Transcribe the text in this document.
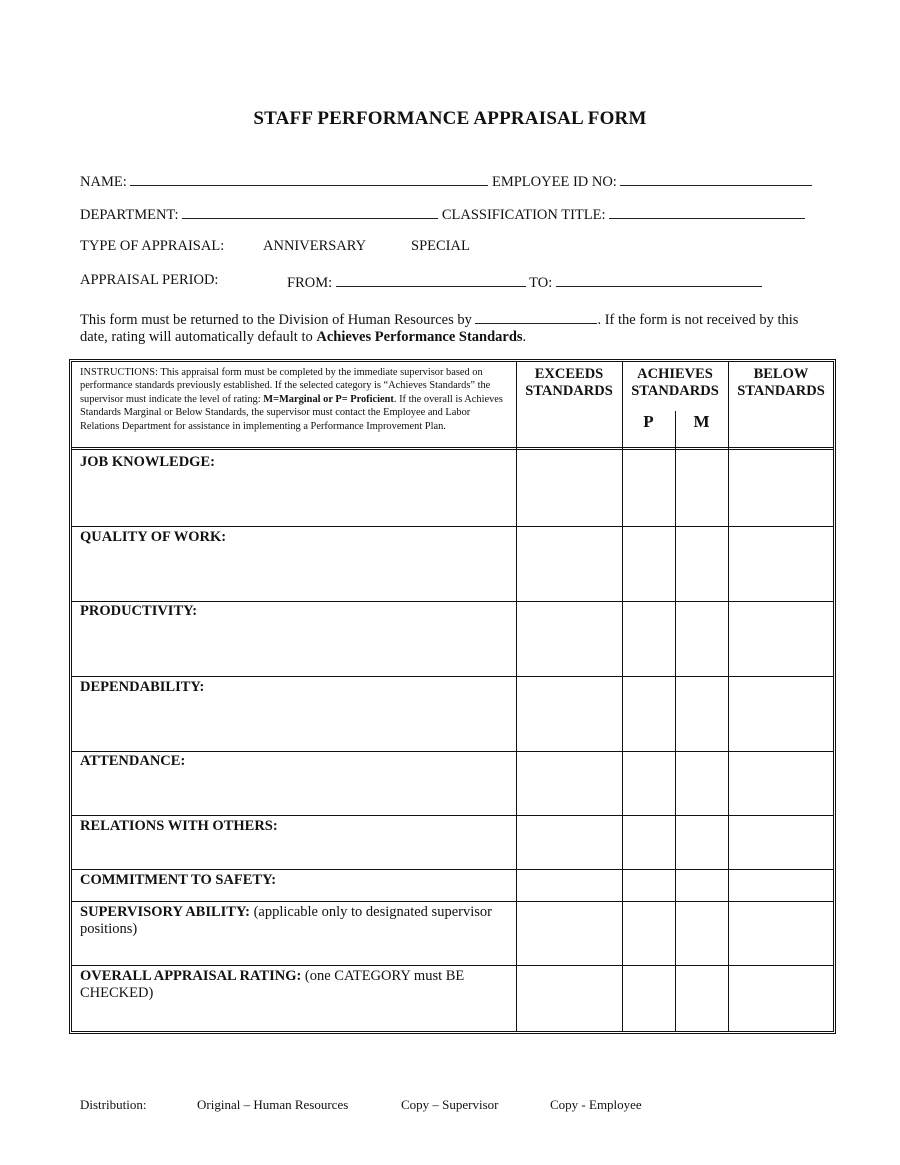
STAFF PERFORMANCE APPRAISAL FORM
NAME:	EMPLOYEE ID NO:
DEPARTMENT:	CLASSIFICATION TITLE:
TYPE OF APPRAISAL:	ANNIVERSARY	SPECIAL
APPRAISAL PERIOD:	FROM:	TO:
This form must be returned to the Division of Human Resources by	. If the form is not received by this date, rating will automatically default to Achieves Performance Standards.
INSTRUCTIONS: This appraisal form must be completed by the immediate supervisor based on performance standards previously established. If the selected category is “Achieves Standards” the supervisor must indicate the level of rating: M=Marginal or P= Proficient. If the overall is Achieves Standards Marginal or Below Standards, the supervisor must contact the Employee and Labor Relations Department for assistance in implementing a Performance Improvement Plan.
EXCEEDS STANDARDS
ACHIEVES STANDARDS
BELOW STANDARDS
P	M
JOB KNOWLEDGE:
QUALITY OF WORK:
PRODUCTIVITY:
DEPENDABILITY:
ATTENDANCE:
RELATIONS WITH OTHERS:
COMMITMENT TO SAFETY:
SUPERVISORY ABILITY: (applicable only to designated supervisor positions)
OVERALL APPRAISAL RATING: (one CATEGORY must BE CHECKED)
Distribution:	Original – Human Resources	Copy – Supervisor	Copy - Employee
